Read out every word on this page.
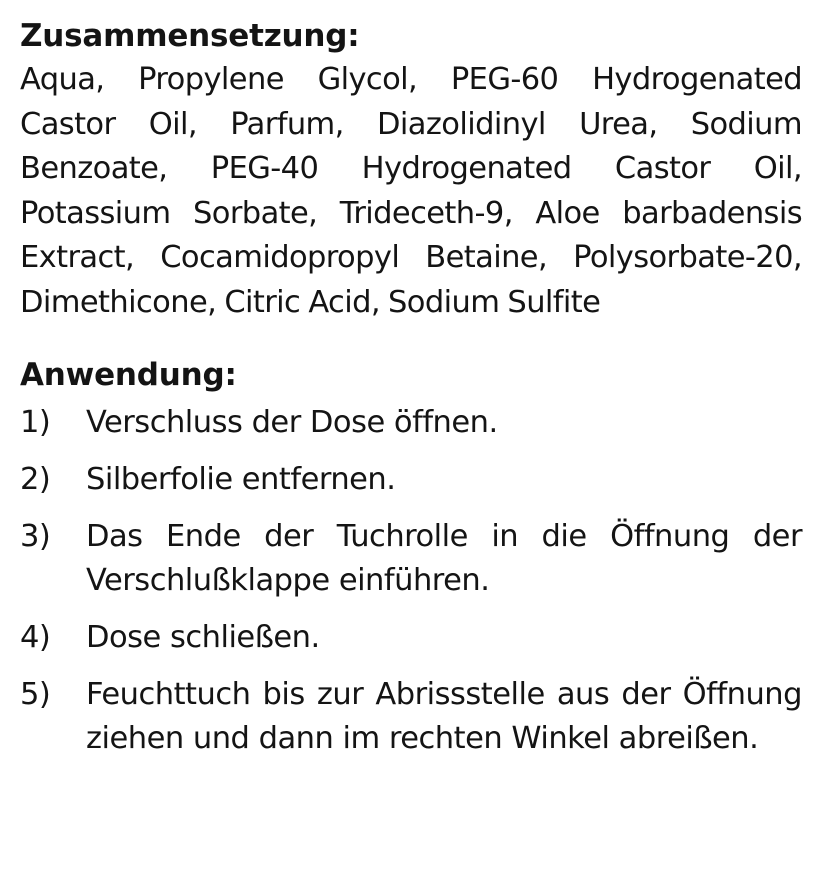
Zusammensetzung:

Aqua, Propylene Glycol, PEG-60 Hydrogenated Castor Oil, Parfum, Diazolidinyl Urea, Sodium Benzoate, PEG-40 Hydrogenated Castor Oil, Potassium Sorbate, Trideceth-9, Aloe barbadensis Extract, Cocamidopropyl Betaine, Polysorbate-20, Dimethicone, Citric Acid, Sodium Sulfite

Anwendung:
1)	Verschluss der Dose öffnen.
2)	Silberfolie entfernen.
3)	Das Ende der Tuchrolle in die Öffnung der Verschlußklappe einführen.
4)	Dose schließen.
5)	Feuchttuch bis zur Abrissstelle aus der Öffnung ziehen und dann im rechten Winkel abreißen.
